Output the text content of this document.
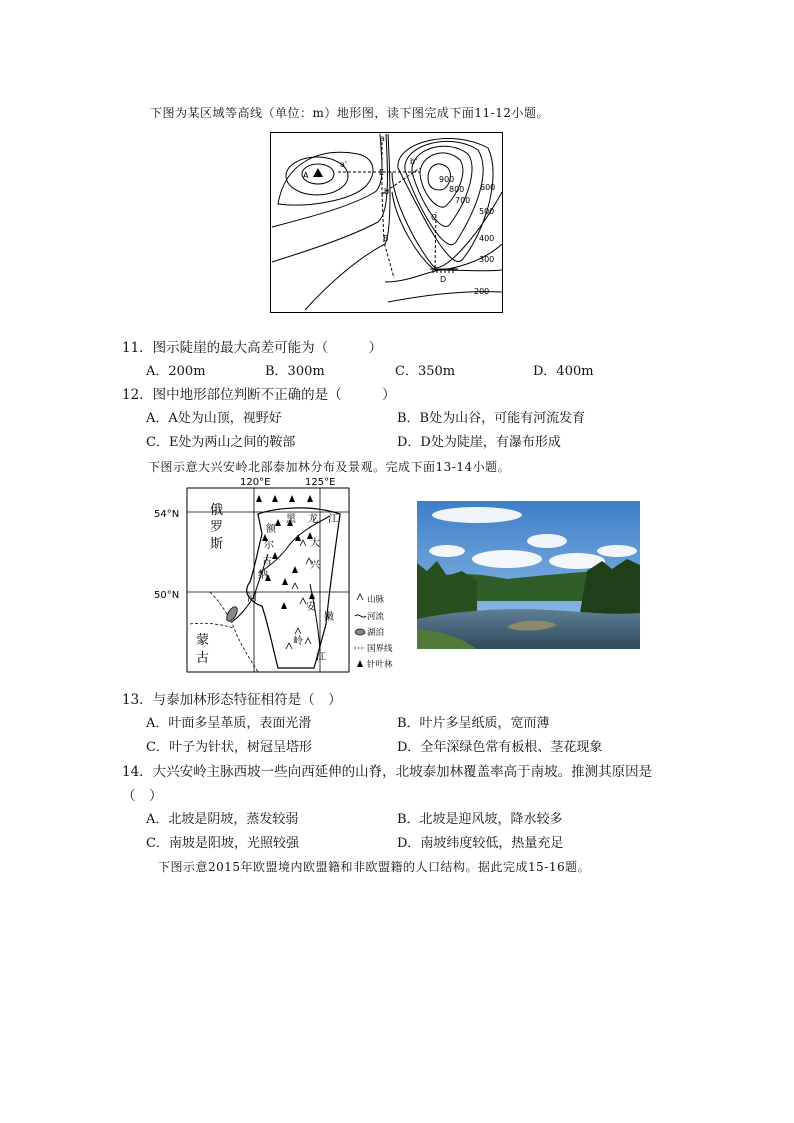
下图为某区域等高线（单位：m）地形图，读下图完成下面11-12小题。
a
a'
b
b'
A	E
B
C
D
900
800
700
600
500
400
300
200
11．图示陡崖的最大高差可能为（　　　）
A．200m	B．300m	C．350m	D．400m
12．图中地形部位判断不正确的是（　　　）
A．A处为山顶，视野好	B．B处为山谷，可能有河流发育
C．E处为两山之间的鞍部	D．D处为陡崖，有瀑布形成
下图示意大兴安岭北部泰加林分布及景观。完成下面13-14小题。
120°E	125°E
54°N
50°N
俄
罗
斯
蒙
古
黑 龙 江
额
尔
古
纳
河
大
兴
安
岭
嫩
江
山脉
河流
湖泊
国界线
针叶林
13．与泰加林形态特征相符是（　）
A．叶面多呈革质，表面光滑	B．叶片多呈纸质，宽而薄
C．叶子为针状，树冠呈塔形	D．全年深绿色常有板根、茎花现象
14．大兴安岭主脉西坡一些向西延伸的山脊，北坡泰加林覆盖率高于南坡。推测其原因是
（　）
A．北坡是阴坡，蒸发较弱	B．北坡是迎风坡，降水较多
C．南坡是阳坡，光照较强	D．南坡纬度较低，热量充足
下图示意2015年欧盟境内欧盟籍和非欧盟籍的人口结构。据此完成15-16题。
